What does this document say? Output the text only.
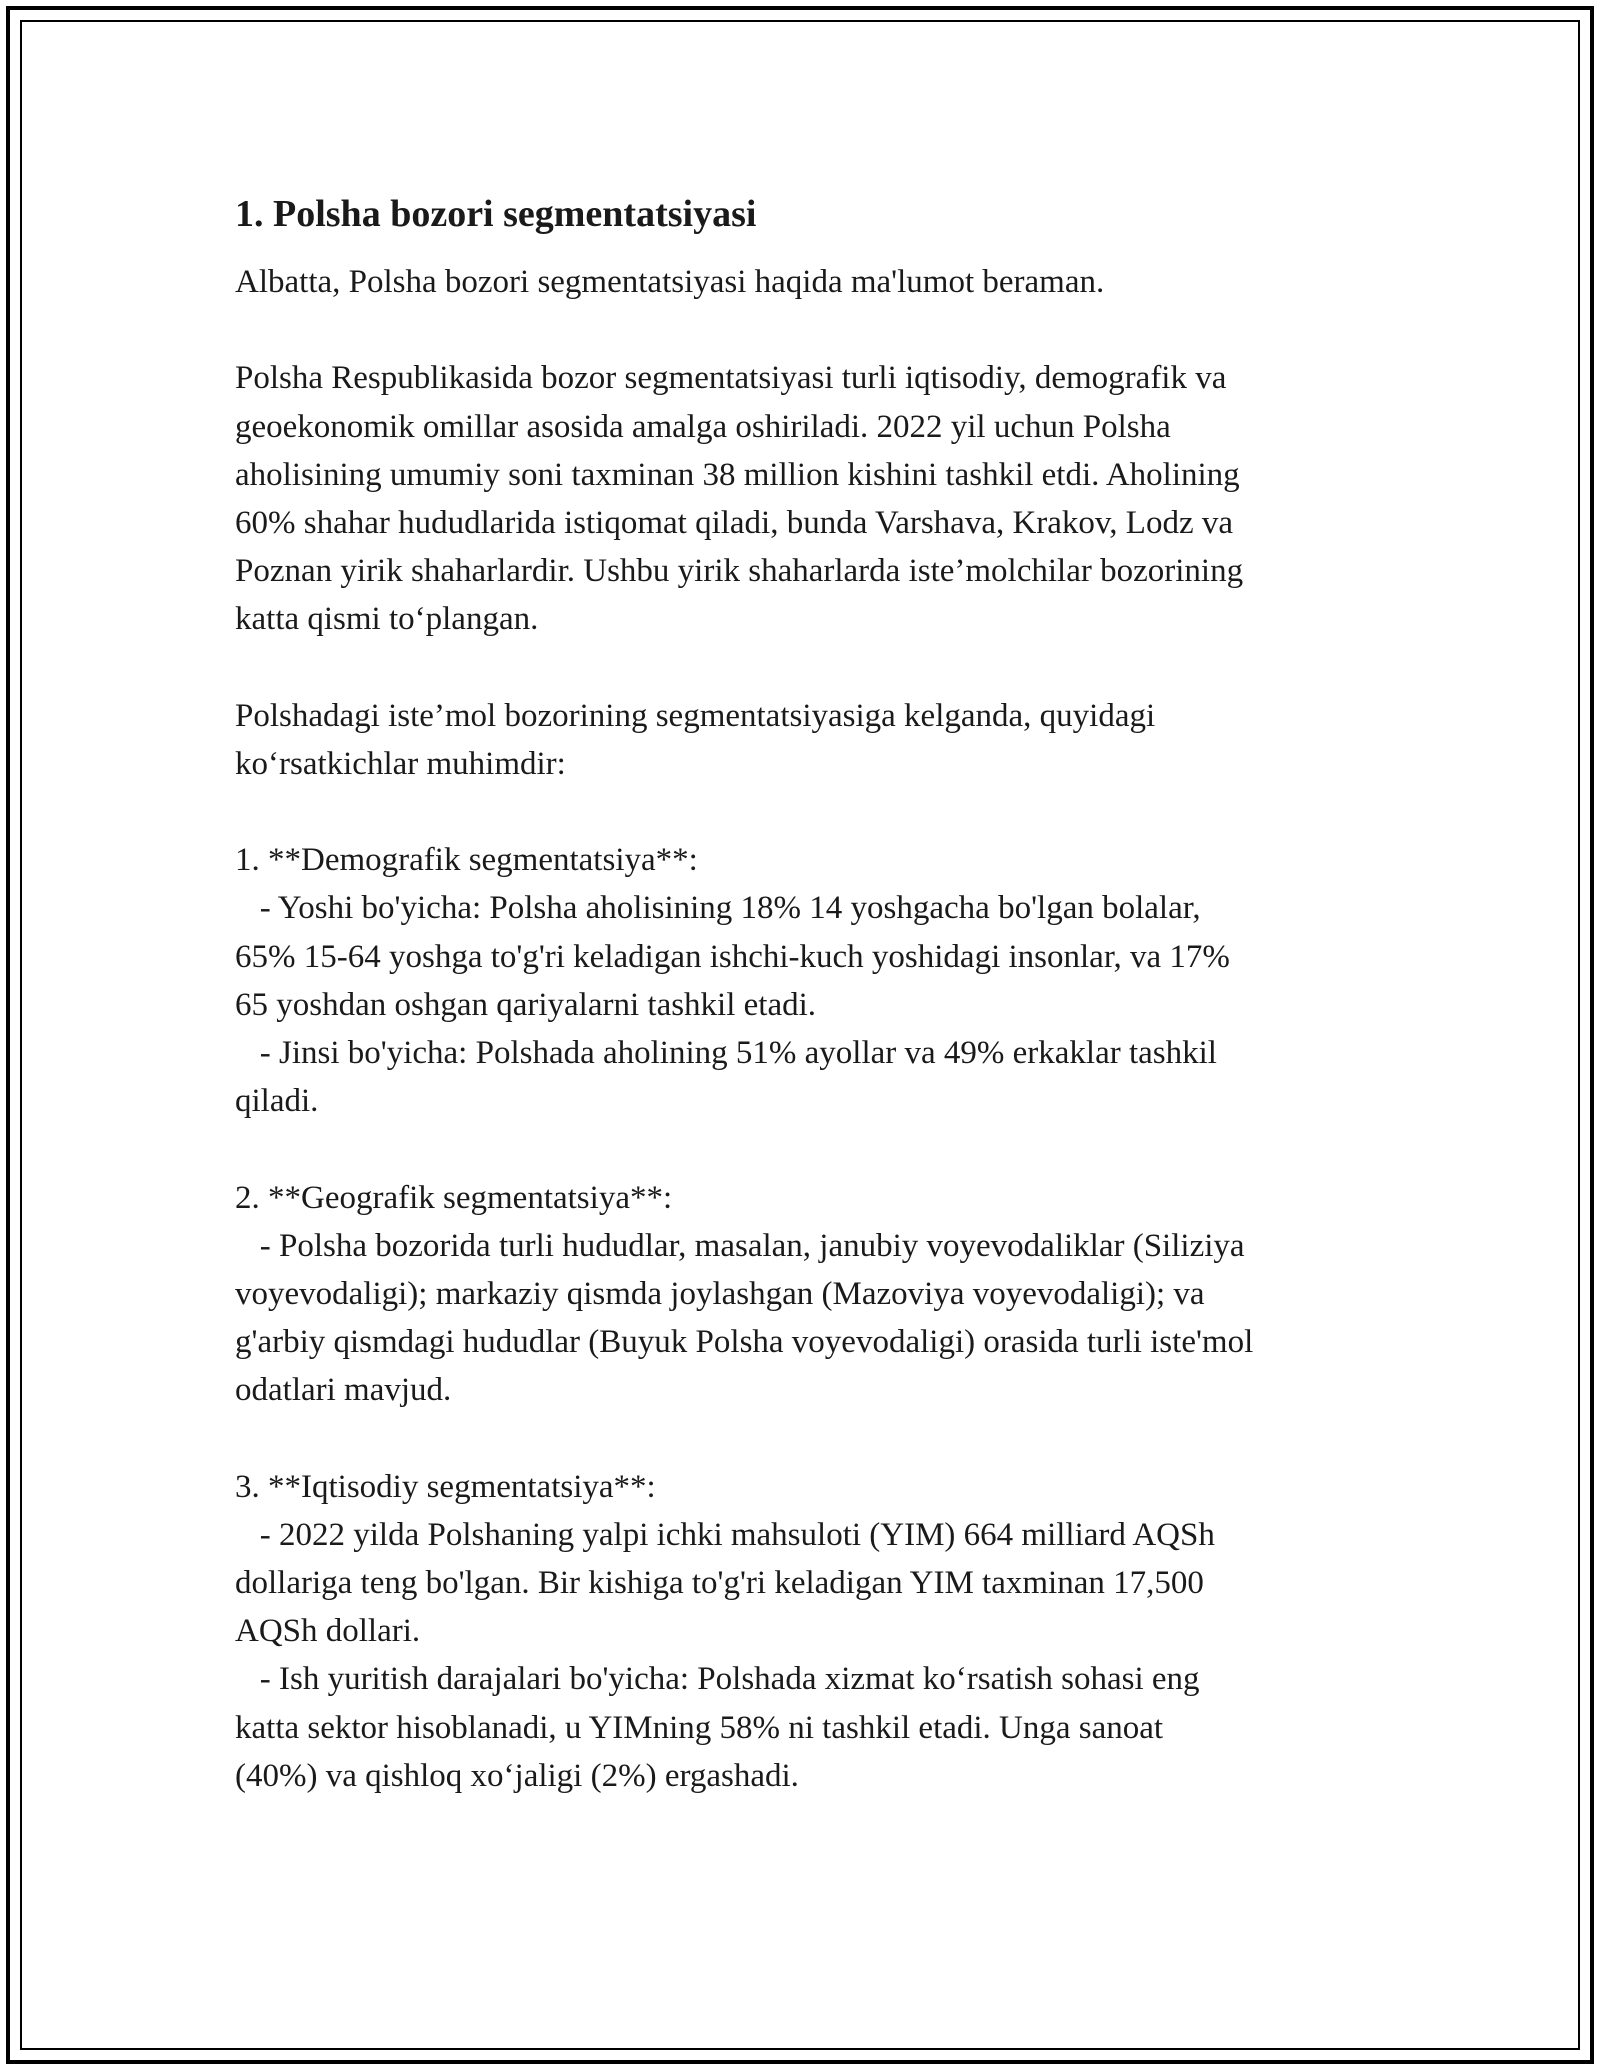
1. Polsha bozori segmentatsiyasi
Albatta, Polsha bozori segmentatsiyasi haqida ma'lumot beraman.
Polsha Respublikasida bozor segmentatsiyasi turli iqtisodiy, demografik va
geoekonomik omillar asosida amalga oshiriladi. 2022 yil uchun Polsha
aholisining umumiy soni taxminan 38 million kishini tashkil etdi. Aholining
60% shahar hududlarida istiqomat qiladi, bunda Varshava, Krakov, Lodz va
Poznan yirik shaharlardir. Ushbu yirik shaharlarda iste’molchilar bozorining
katta qismi to‘plangan.
Polshadagi iste’mol bozorining segmentatsiyasiga kelganda, quyidagi
ko‘rsatkichlar muhimdir:
1. **Demografik segmentatsiya**:
- Yoshi bo'yicha: Polsha aholisining 18% 14 yoshgacha bo'lgan bolalar,
65% 15-64 yoshga to'g'ri keladigan ishchi-kuch yoshidagi insonlar, va 17%
65 yoshdan oshgan qariyalarni tashkil etadi.
- Jinsi bo'yicha: Polshada aholining 51% ayollar va 49% erkaklar tashkil
qiladi.
2. **Geografik segmentatsiya**:
- Polsha bozorida turli hududlar, masalan, janubiy voyevodaliklar (Siliziya
voyevodaligi); markaziy qismda joylashgan (Mazoviya voyevodaligi); va
g'arbiy qismdagi hududlar (Buyuk Polsha voyevodaligi) orasida turli iste'mol
odatlari mavjud.
3. **Iqtisodiy segmentatsiya**:
- 2022 yilda Polshaning yalpi ichki mahsuloti (YIM) 664 milliard AQSh
dollariga teng bo'lgan. Bir kishiga to'g'ri keladigan YIM taxminan 17,500
AQSh dollari.
- Ish yuritish darajalari bo'yicha: Polshada xizmat ko‘rsatish sohasi eng
katta sektor hisoblanadi, u YIMning 58% ni tashkil etadi. Unga sanoat
(40%) va qishloq xo‘jaligi (2%) ergashadi.
